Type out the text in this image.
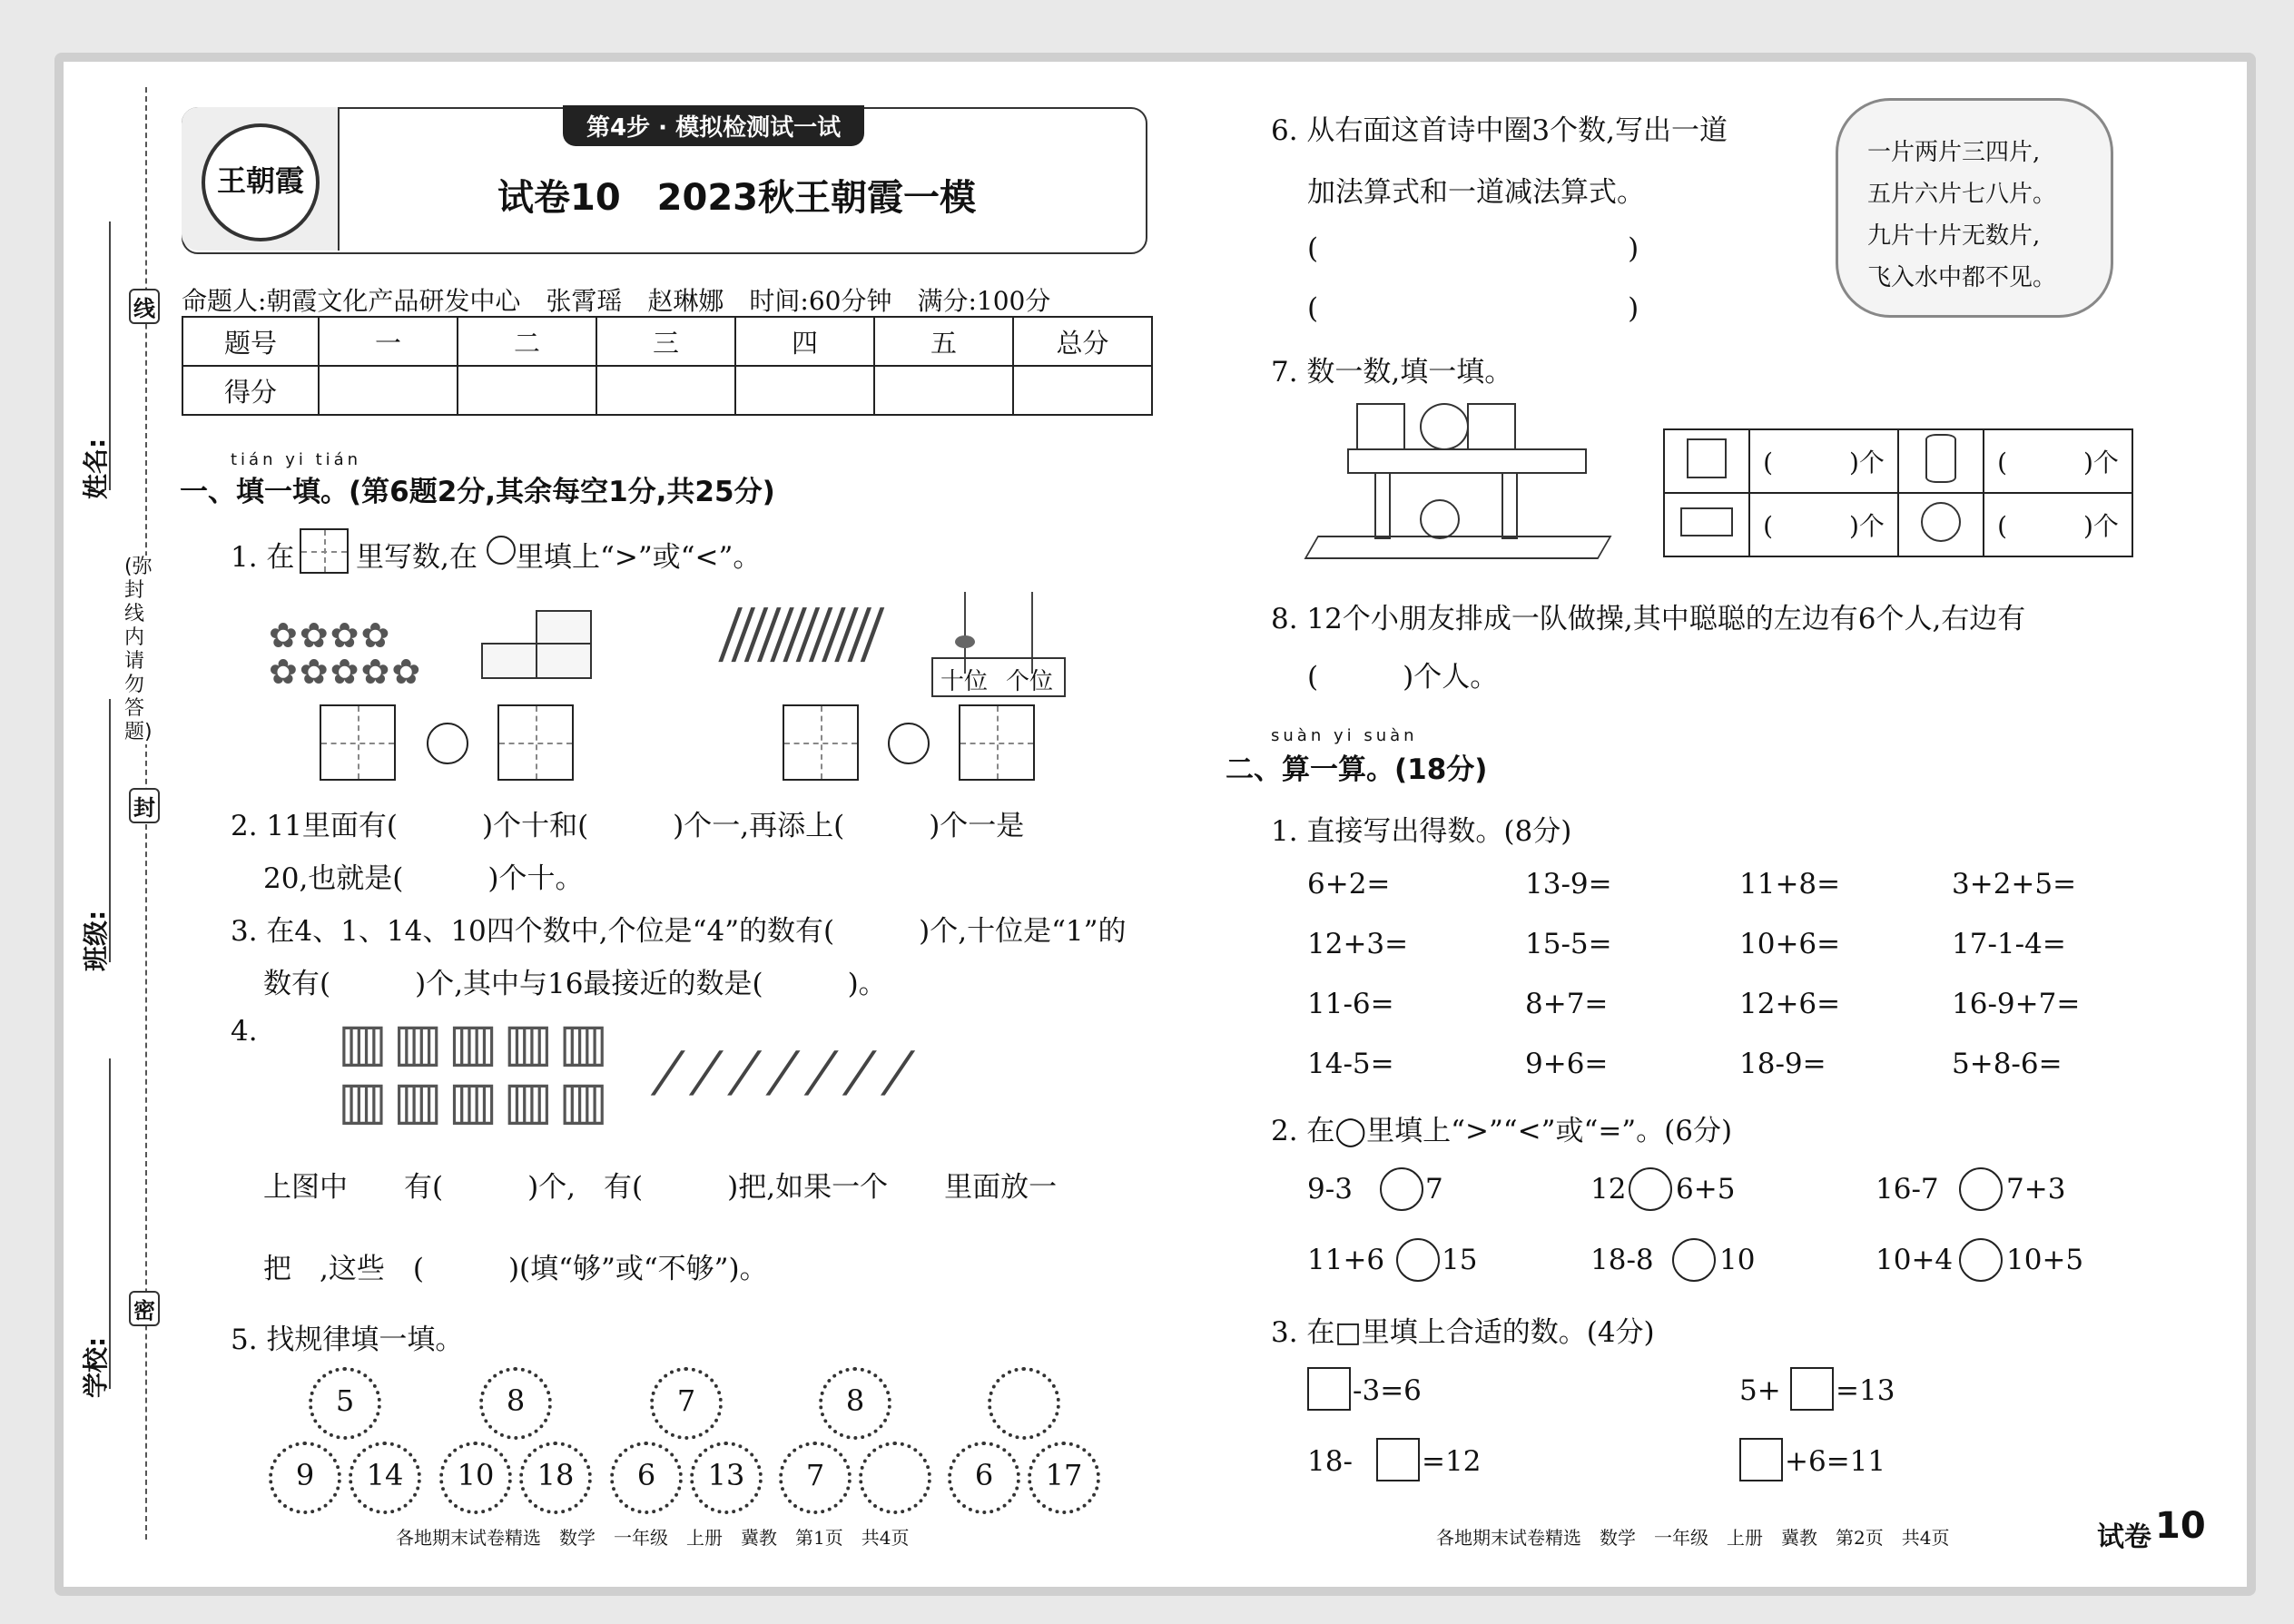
线
封
密
(弥封线内请勿答题)
姓名:
班级:
学校:
王朝霞
第4步 · 模拟检测试一试
试卷10　2023秋王朝霞一模
命题人:朝霞文化产品研发中心　张霄瑶　赵琳娜　时间:60分钟　满分:100分
题号	一	二	三	四	五	总分
得分						
tián yi tián
一、填一填。(第6题2分,其余每空1分,共25分)
1. 在 里写数,在 里填上“>”或“<”。
✿✿✿✿
✿✿✿✿✿
||||||||||||
十位 个位
2. 11里面有(　　　)个十和(　　　)个一,再添上(　　　)个一是
20,也就是(　　　)个十。
3. 在4、1、14、10四个数中,个位是“4”的数有(　　　)个,十位是“1”的
数有(　　　)个,其中与16最接近的数是(　　　)。
4. ▥▥▥▥▥
▥▥▥▥▥ ///////
上图中　　有(　　　)个,　有(　　　)把,如果一个　　里面放一
把　,这些　(　　　)(填“够”或“不够”)。
5. 找规律填一填。
5
9	14
8
10	18
7
6	13
8
7	6	17
各地期末试卷精选　数学　一年级　上册　冀教　第1页　共4页
6. 从右面这首诗中圈3个数,写出一道
加法算式和一道减法算式。
(　　　　　　　　　　　)
(　　　　　　　　　　　)
一片两片三四片,
五片六片七八片。
九片十片无数片,
飞入水中都不见。
7. 数一数,填一填。
	(　　　)个		(　　　)个
	(　　　)个		(　　　)个
8. 12个小朋友排成一队做操,其中聪聪的左边有6个人,右边有
(　　　)个人。
suàn yi suàn
二、算一算。(18分)
1. 直接写出得数。(8分)
6+2=	13-9=	11+8=	3+2+5=
12+3=	15-5=	10+6=	17-1-4=
11-6=	8+7=	12+6=	16-9+7=
14-5=	9+6=	18-9=	5+8-6=
2. 在◯里填上“>”“<”或“=”。(6分)
9-3	7	12 6+5	16-7 7+3
11+6 15	18-8 10	10+4 10+5
3. 在□里填上合适的数。(4分)
-3=6	5+ =13
18- =12	+6=11
各地期末试卷精选　数学　一年级　上册　冀教　第2页　共4页	试卷 10
